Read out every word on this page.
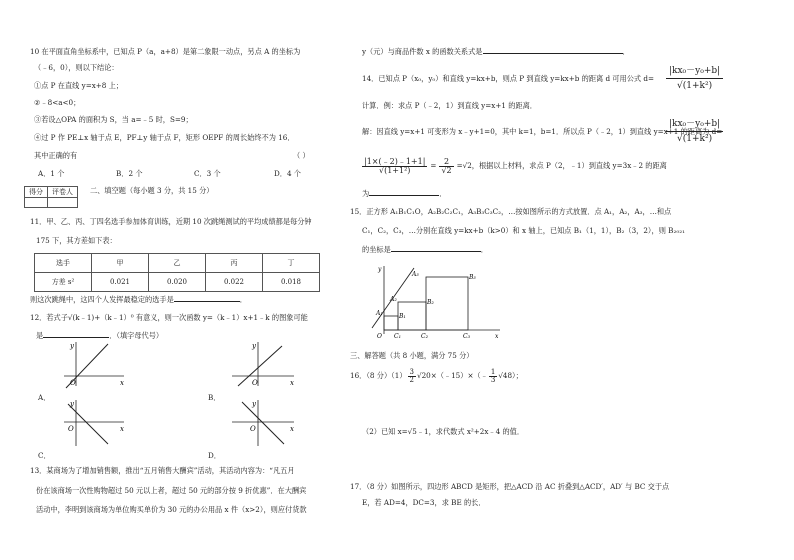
10 在平面直角坐标系中，已知点 P（a，a+8）是第二象限一动点，另点 A 的坐标为
（﹣6，0），则以下结论：
①点 P 在直线 y=x+8 上；
②﹣8<a<0；
③若设△OPA 的面积为 S，当 a=﹣5 时，S=9；
④过 P 作 PE⊥x 轴于点 E，PF⊥y 轴于点 F，矩形 OEPF 的周长始终不为 16．
其中正确的有	（ ）
A．1 个	B．2 个	C．3 个	D．4 个
得分	评卷人
	二、填空题（每小题 3 分，共 15 分）
11．甲、乙、丙、丁四名选手参加体育训练，近期 10 次跳绳测试的平均成绩都是每分钟
175 下，其方差如下表：
选手	甲	乙	丙	丁
方差 s²	0.021	0.020	0.022	0.018
则这次跳绳中，这四个人发挥最稳定的选手是	．
12．若式子√(k﹣1)+（k﹣1）⁰ 有意义，则一次函数 y=（k﹣1）x+1﹣k 的图象可能
是	．（填字母代号）
y
x
O
A．
y
x
O
B．
y
x
O
C．
y
x
O
D．
13．某商场为了增加销售额，推出“五月销售大酬宾”活动，其活动内容为：“凡五月
份在该商场一次性购物超过 50 元以上者，超过 50 元的部分按 9 折优惠”．在大酬宾
活动中，李明到该商场为单位购买单价为 30 元的办公用品 x 件（x>2），则应付货款
y（元）与商品件数 x 的函数关系式是	．
14．已知点 P（x₀，y₀）和直线 y=kx+b，则点 P 到直线 y=kx+b 的距离 d 可用公式 $d= \frac{\text{|kx₀－y₀+b|}}{\text{√(1+k²)}}$
计算．例：求点 P（﹣2，1）到直线 y=x+1 的距离．
解：因直线 y=x+1 可变形为 x﹣y+1=0，其中 k=1，b=1．所以点 P（﹣2，1）到直线 y=x+1 的距离为 d=
$\frac{\text{|kx₀－y₀+b|}}{\text{√(1+k²)}}$
$\frac{|1\times(﹣2)﹣1+1|}{\text{√(1+1²)}} = \frac{2}{√2} =√2$，根据以上材料，求点 P（2，﹣1）到直线 y=3x﹣2 的距离
为	．
15．正方形 A₁B₁C₁O，A₂B₂C₂C₁，A₃B₃C₃C₂，…按如图所示的方式放置．点 A₁，A₂，A₃，…和点
C₁，C₂，C₃，…分别在直线 y=kx+b（k>0）和 x 轴上，已知点 B₁（1，1），B₂（3，2），则 B₂₀₂₁
的坐标是	．
y
x
O
A₁
A₂
A₃
B₁
B₂
B₃
C₁	C₂	C₃
三、解答题（共 8 小题，满分 75 分）
16．（8 分）$(1) \frac{3}{2}$ √20×（﹣15）×（﹣ $\frac{1}{3} √48$）；
（2）已知 x=√5﹣1，求代数式 x²+2x﹣4 的值．
17．（8 分）如图所示，四边形 ABCD 是矩形，把△ACD 沿 AC 折叠到△ACD′，AD′ 与 BC 交于点
E，若 AD=4，DC=3，求 BE 的长．
